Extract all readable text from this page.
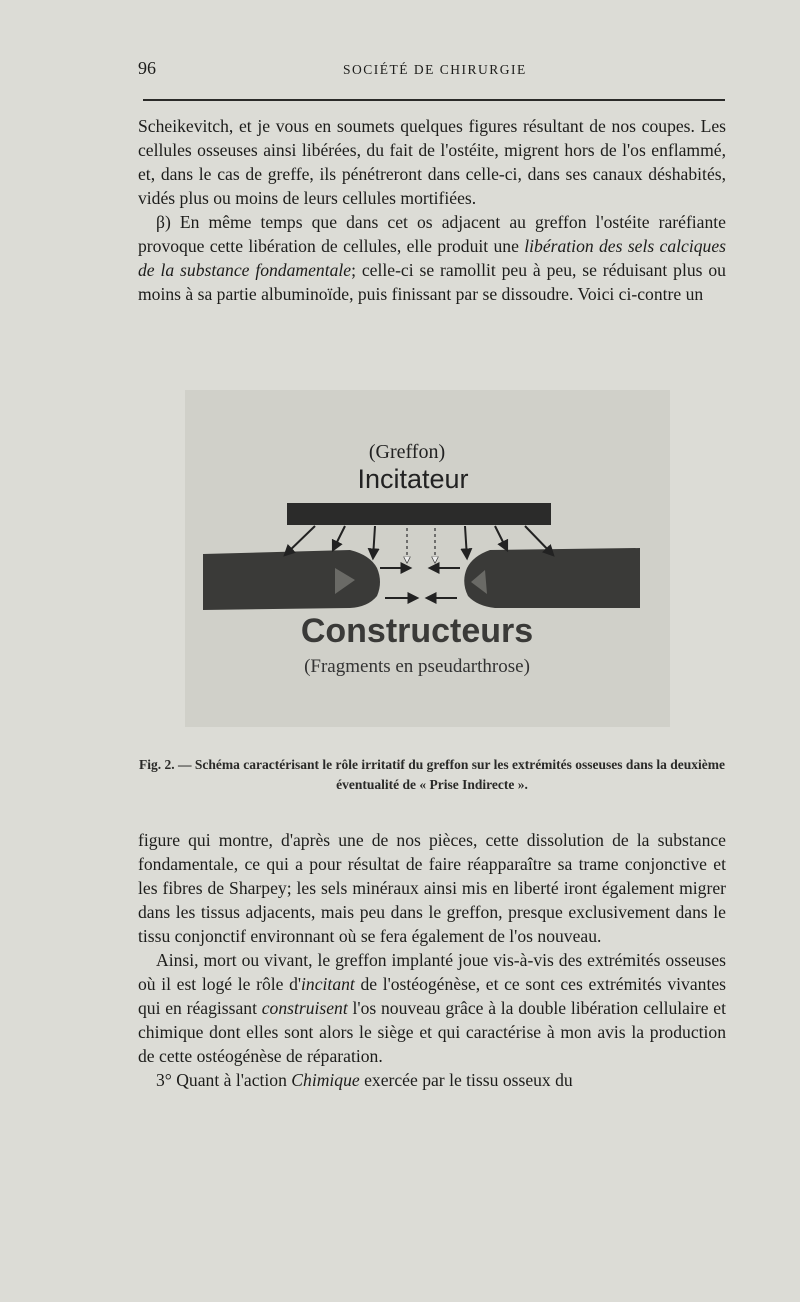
96	SOCIÉTÉ DE CHIRURGIE

Scheikevitch, et je vous en soumets quelques figures résultant de nos coupes. Les cellules osseuses ainsi libérées, du fait de l'ostéite, migrent hors de l'os enflammé, et, dans le cas de greffe, ils pénétreront dans celle-ci, dans ses canaux déshabités, vidés plus ou moins de leurs cellules mortifiées.

β) En même temps que dans cet os adjacent au greffon l'ostéite raréfiante provoque cette libération de cellules, elle produit une libération des sels calciques de la substance fondamentale; celle-ci se ramollit peu à peu, se réduisant plus ou moins à sa partie albuminoïde, puis finissant par se dissoudre. Voici ci-contre un

(Greffon)
Incitateur
Constructeurs
(Fragments en pseudarthrose)
Fig. 2. — Schéma caractérisant le rôle irritatif du greffon sur les extrémités osseuses dans la deuxième éventualité de « Prise Indirecte ».

figure qui montre, d'après une de nos pièces, cette dissolution de la substance fondamentale, ce qui a pour résultat de faire réapparaître sa trame conjonctive et les fibres de Sharpey; les sels minéraux ainsi mis en liberté iront également migrer dans les tissus adjacents, mais peu dans le greffon, presque exclusivement dans le tissu conjonctif environnant où se fera également de l'os nouveau.

Ainsi, mort ou vivant, le greffon implanté joue vis-à-vis des extrémités osseuses où il est logé le rôle d'incitant de l'ostéogénèse, et ce sont ces extrémités vivantes qui en réagissant construisent l'os nouveau grâce à la double libération cellulaire et chimique dont elles sont alors le siège et qui caractérise à mon avis la production de cette ostéogénèse de réparation.

3° Quant à l'action Chimique exercée par le tissu osseux du
